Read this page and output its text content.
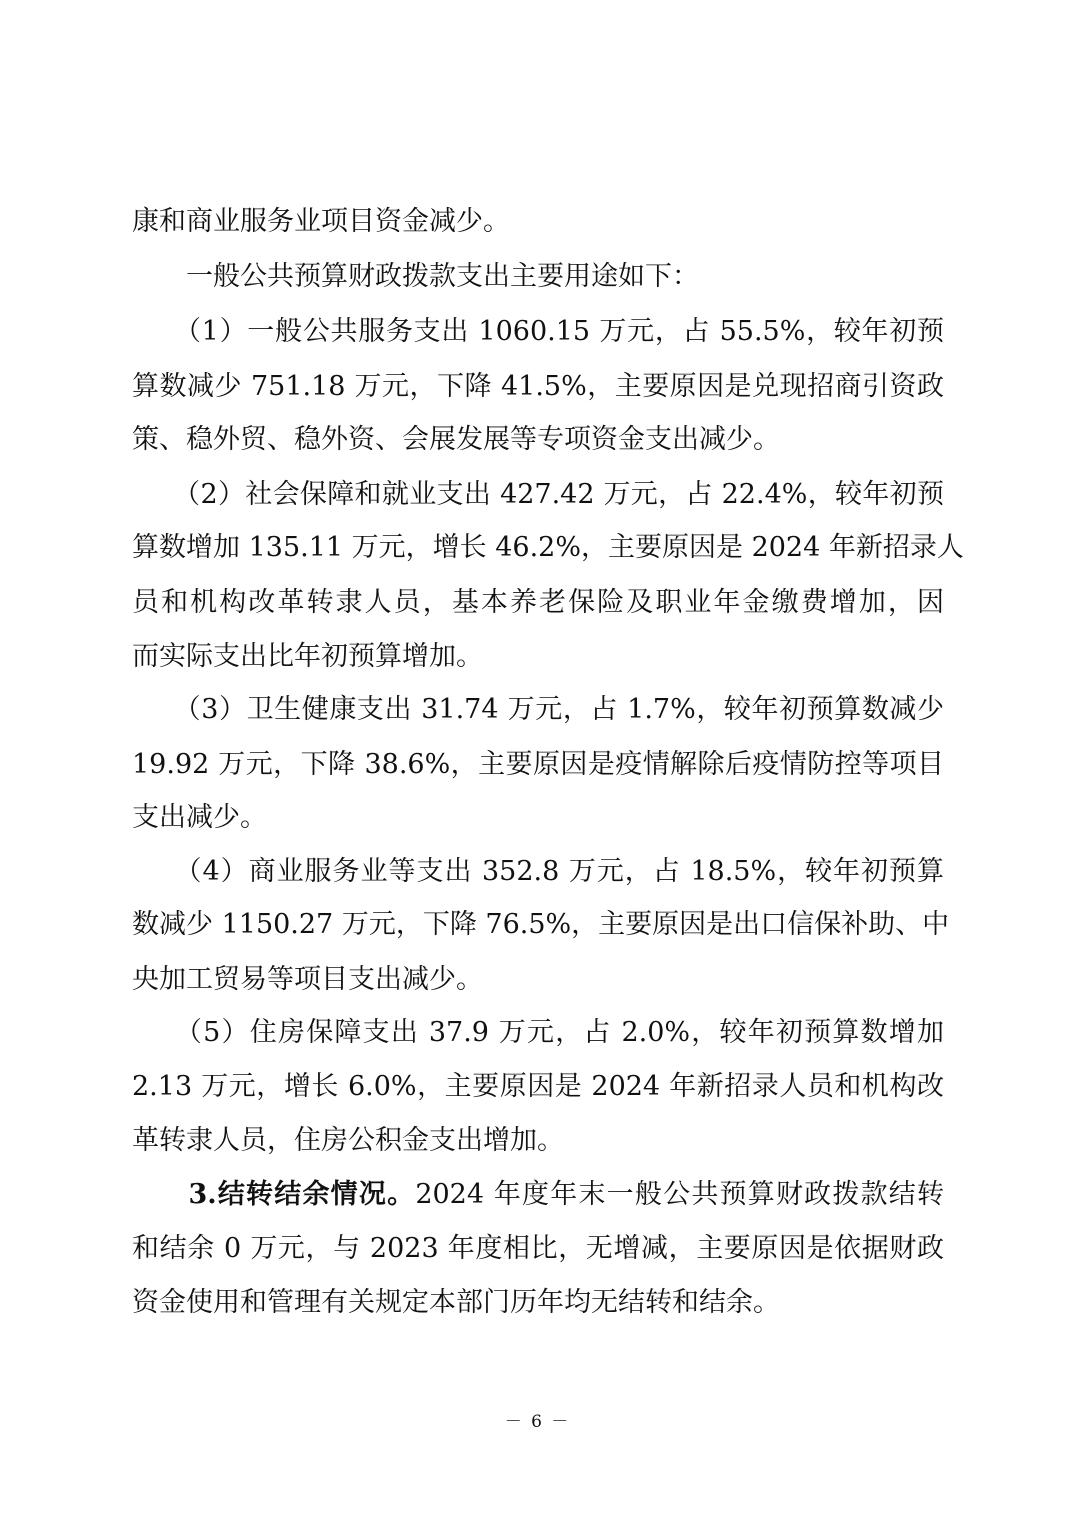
康和商业服务业项目资金减少。
　　一般公共预算财政拨款支出主要用途如下：
　　（1）一般公共服务支出 1060.15 万元，占 55.5%，较年初预
算数减少 751.18 万元，下降 41.5%，主要原因是兑现招商引资政
策、稳外贸、稳外资、会展发展等专项资金支出减少。
　　（2）社会保障和就业支出 427.42 万元，占 22.4%，较年初预
算数增加 135.11 万元，增长 46.2%，主要原因是 2024 年新招录人
员和机构改革转隶人员，基本养老保险及职业年金缴费增加，因
而实际支出比年初预算增加。
　　（3）卫生健康支出 31.74 万元，占 1.7%，较年初预算数减少
19.92 万元，下降 38.6%，主要原因是疫情解除后疫情防控等项目
支出减少。
　　（4）商业服务业等支出 352.8 万元，占 18.5%，较年初预算
数减少 1150.27 万元，下降 76.5%，主要原因是出口信保补助、中
央加工贸易等项目支出减少。
　　（5）住房保障支出 37.9 万元，占 2.0%，较年初预算数增加
2.13 万元，增长 6.0%，主要原因是 2024 年新招录人员和机构改
革转隶人员，住房公积金支出增加。
　　3.结转结余情况。2024 年度年末一般公共预算财政拨款结转
和结余 0 万元，与 2023 年度相比，无增减，主要原因是依据财政
资金使用和管理有关规定本部门历年均无结转和结余。
－ 6 －
